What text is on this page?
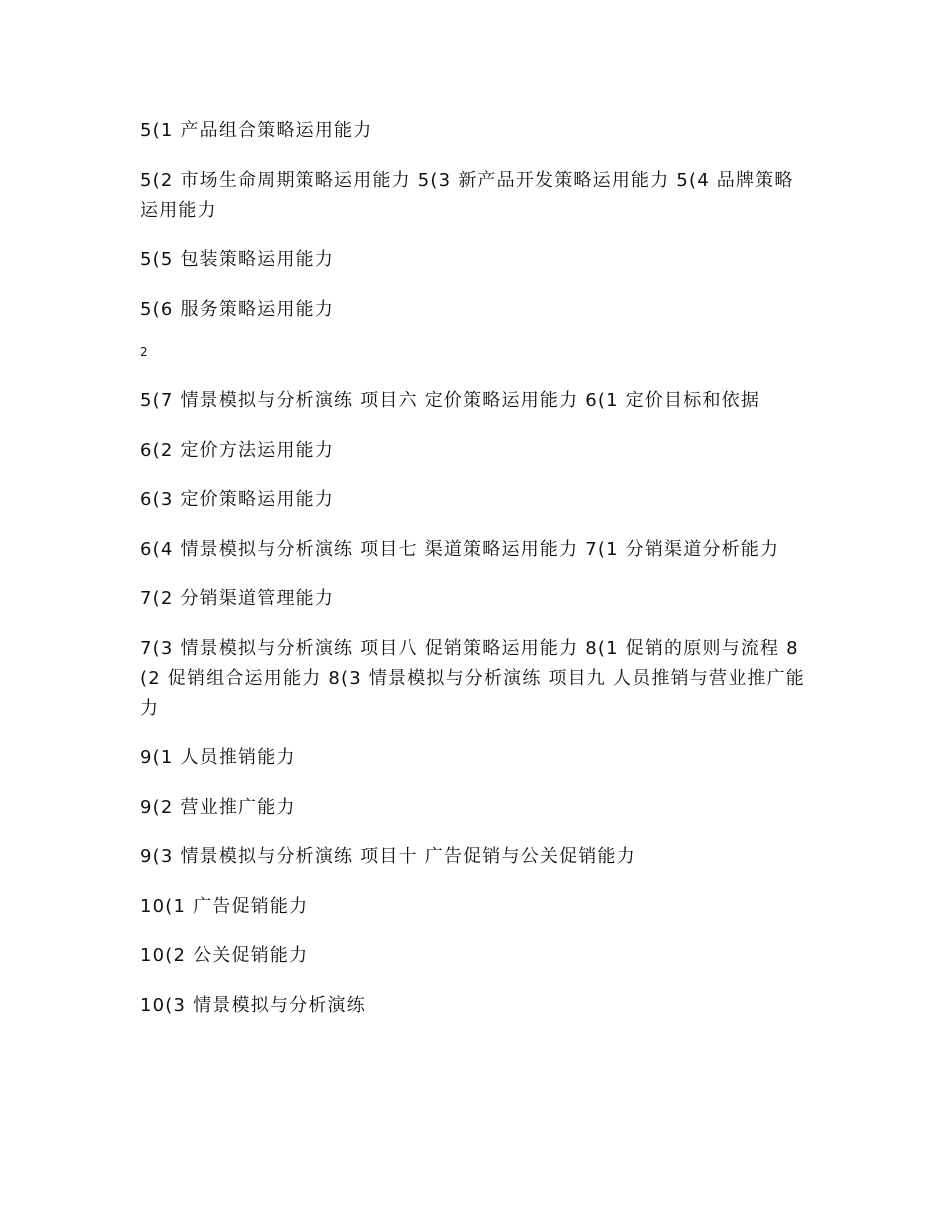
5(1 产品组合策略运用能力

5(2 市场生命周期策略运用能力 5(3 新产品开发策略运用能力 5(4 品牌策略运用能力

5(5 包装策略运用能力

5(6 服务策略运用能力

2

5(7 情景模拟与分析演练 项目六 定价策略运用能力 6(1 定价目标和依据

6(2 定价方法运用能力

6(3 定价策略运用能力

6(4 情景模拟与分析演练 项目七 渠道策略运用能力 7(1 分销渠道分析能力

7(2 分销渠道管理能力

7(3 情景模拟与分析演练 项目八 促销策略运用能力 8(1 促销的原则与流程 8(2 促销组合运用能力 8(3 情景模拟与分析演练 项目九 人员推销与营业推广能力

9(1 人员推销能力

9(2 营业推广能力

9(3 情景模拟与分析演练 项目十 广告促销与公关促销能力

10(1 广告促销能力

10(2 公关促销能力

10(3 情景模拟与分析演练
